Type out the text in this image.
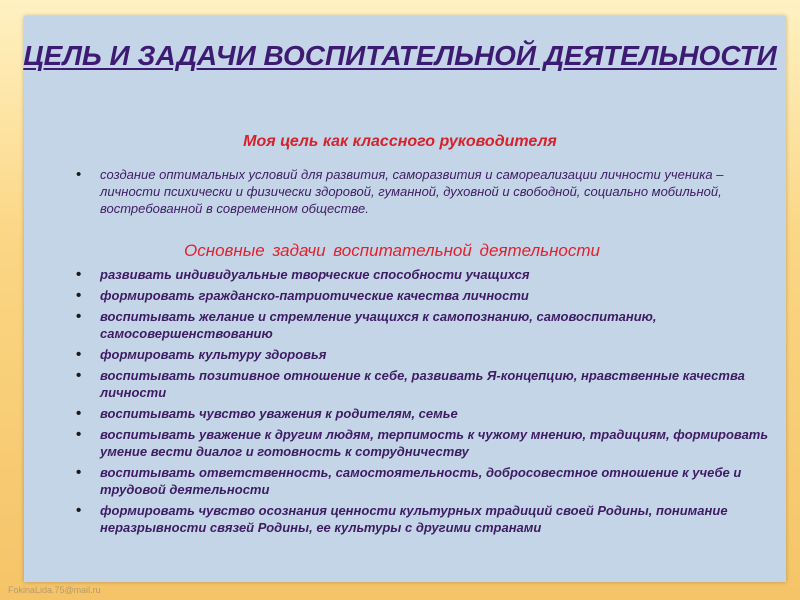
ЦЕЛЬ И ЗАДАЧИ ВОСПИТАТЕЛЬНОЙ ДЕЯТЕЛЬНОСТИ
Моя цель как классного руководителя
• создание оптимальных условий для развития, саморазвития и самореализации личности ученика – личности психически и физически здоровой, гуманной, духовной и свободной, социально мобильной, востребованной в современном обществе.
Основные задачи воспитательной деятельности
• развивать индивидуальные творческие способности учащихся
• формировать гражданско-патриотические качества личности
• воспитывать желание и стремление учащихся к самопознанию, самовоспитанию, самосовершенствованию
• формировать культуру здоровья
• воспитывать позитивное отношение к себе, развивать Я-концепцию, нравственные качества личности
• воспитывать чувство уважения к родителям, семье
• воспитывать уважение к другим людям, терпимость к чужому мнению, традициям, формировать умение вести диалог и готовность к сотрудничеству
• воспитывать ответственность, самостоятельность, добросовестное отношение к учебе и трудовой деятельности
• формировать чувство осознания ценности культурных традиций своей Родины, понимание неразрывности связей Родины, ее культуры с другими странами
FokinaLida.75@mail.ru
